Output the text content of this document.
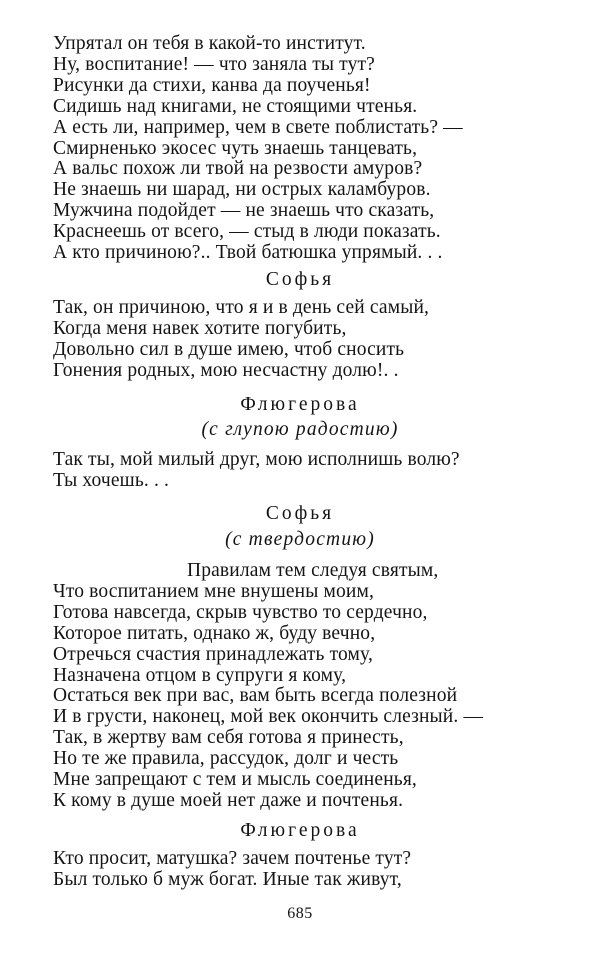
Упрятал он тебя в какой-то институт.
Ну, воспитание! — что заняла ты тут?
Рисунки да стихи, канва да поученья!
Сидишь над книгами, не стоящими чтенья.
А есть ли, например, чем в свете поблистать? —
Смирненько экосес чуть знаешь танцевать,
А вальс похож ли твой на резвости амуров?
Не знаешь ни шарад, ни острых каламбуров.
Мужчина подойдет — не знаешь что сказать,
Краснеешь от всего, — стыд в люди показать.
А кто причиною?.. Твой батюшка упрямый. . .
Софья
Так, он причиною, что я и в день сей самый,
Когда меня навек хотите погубить,
Довольно сил в душе имею, чтоб сносить
Гонения родных, мою несчастну долю!. .
Флюгерова
(с глупою радостию)
Так ты, мой милый друг, мою исполнишь волю?
Ты хочешь. . .
Софья
(с твердостию)
Правилам тем следуя святым,
Что воспитанием мне внушены моим,
Готова навсегда, скрыв чувство то сердечно,
Которое питать, однако ж, буду вечно,
Отречься счастия принадлежать тому,
Назначена отцом в супруги я кому,
Остаться век при вас, вам быть всегда полезной
И в грусти, наконец, мой век окончить слезный. —
Так, в жертву вам себя готова я принесть,
Но те же правила, рассудок, долг и честь
Мне запрещают с тем и мысль соединенья,
К кому в душе моей нет даже и почтенья.
Флюгерова
Кто просит, матушка? зачем почтенье тут?
Был только б муж богат. Иные так живут,
685
